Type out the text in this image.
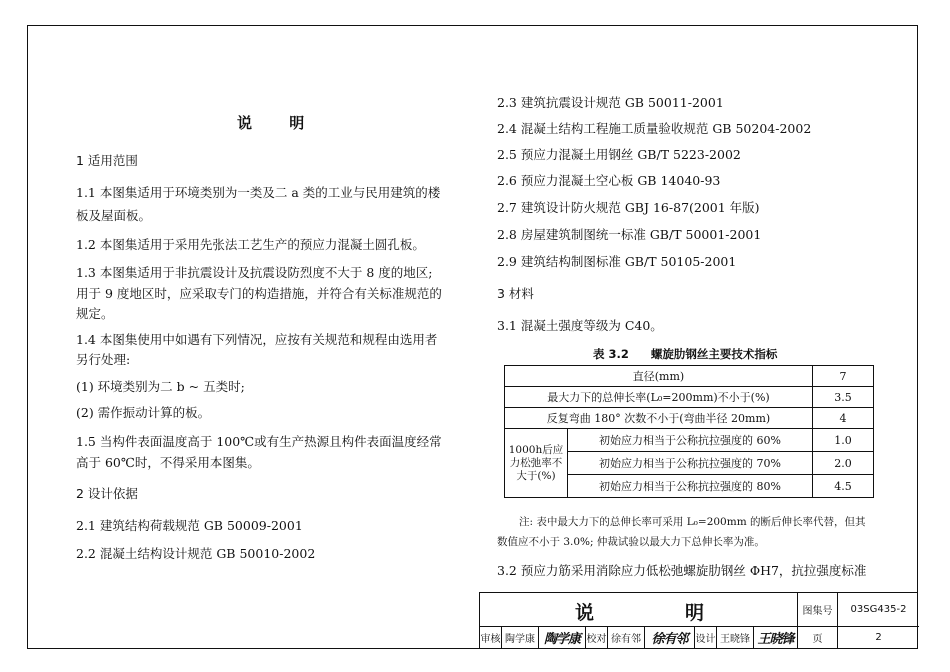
说 明
1 适用范围
1.1 本图集适用于环境类别为一类及二 a 类的工业与民用建筑的楼
板及屋面板。
1.2 本图集适用于采用先张法工艺生产的预应力混凝土圆孔板。
1.3 本图集适用于非抗震设计及抗震设防烈度不大于 8 度的地区;
用于 9 度地区时，应采取专门的构造措施，并符合有关标准规范的
规定。
1.4 本图集使用中如遇有下列情况，应按有关规范和规程由选用者
另行处理:
(1) 环境类别为二 b ~ 五类时;
(2) 需作振动计算的板。
1.5 当构件表面温度高于 100℃或有生产热源且构件表面温度经常
高于 60℃时，不得采用本图集。
2 设计依据
2.1 建筑结构荷载规范 GB 50009-2001
2.2 混凝土结构设计规范 GB 50010-2002
2.3 建筑抗震设计规范 GB 50011-2001
2.4 混凝土结构工程施工质量验收规范 GB 50204-2002
2.5 预应力混凝土用钢丝 GB/T 5223-2002
2.6 预应力混凝土空心板 GB 14040-93
2.7 建筑设计防火规范 GBJ 16-87(2001 年版)
2.8 房屋建筑制图统一标准 GB/T 50001-2001
2.9 建筑结构制图标准 GB/T 50105-2001
3 材料
3.1 混凝土强度等级为 C40。
表 3.2 螺旋肋钢丝主要技术指标
直径(mm)		7
最大力下的总伸长率(L₀=200mm)不小于(%)		3.5
反复弯曲 180° 次数不小于(弯曲半径 20mm)		4
1000h后应力松弛率不大于(%)	初始应力相当于公称抗拉强度的 60%	1.0
	初始应力相当于公称抗拉强度的 70%	2.0
	初始应力相当于公称抗拉强度的 80%	4.5
注: 表中最大力下的总伸长率可采用 L₀=200mm 的断后伸长率代替，但其
数值应不小于 3.0%; 仲裁试验以最大力下总伸长率为准。
3.2 预应力筋采用消除应力低松弛螺旋肋钢丝 ΦH7，抗拉强度标准
说	明	图集号	03SG435-2
审核 陶学康 陶学康 校对 徐有邻 徐有邻 设计 王晓锋 王晓锋	页	2
